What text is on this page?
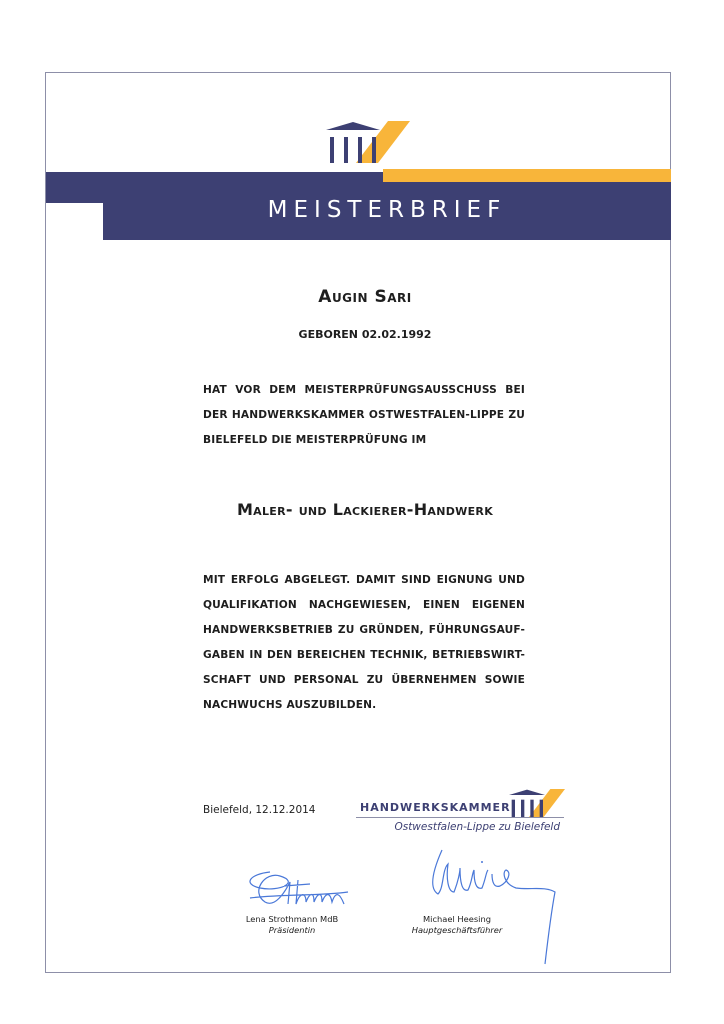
MEISTERBRIEF
Augin Sari
GEBOREN 02.02.1992

HAT VOR DEM MEISTERPRÜFUNGSAUSSCHUSS BEI

DER HANDWERKSKAMMER OSTWESTFALEN-LIPPE ZU

BIELEFELD DIE MEISTERPRÜFUNG IM

Maler- und Lackierer-Handwerk

MIT ERFOLG ABGELEGT. DAMIT SIND EIGNUNG UND

QUALIFIKATION NACHGEWIESEN, EINEN EIGENEN

HANDWERKSBETRIEB ZU GRÜNDEN, FÜHRUNGSAUF-

GABEN IN DEN BEREICHEN TECHNIK, BETRIEBSWIRT-

SCHAFT UND PERSONAL ZU ÜBERNEHMEN SOWIE

NACHWUCHS AUSZUBILDEN.

Bielefeld, 12.12.2014	HANDWERKSKAMMER
Ostwestfalen-Lippe zu Bielefeld
Lena Strothmann MdB
Präsidentin
Michael Heesing
Hauptgeschäftsführer
